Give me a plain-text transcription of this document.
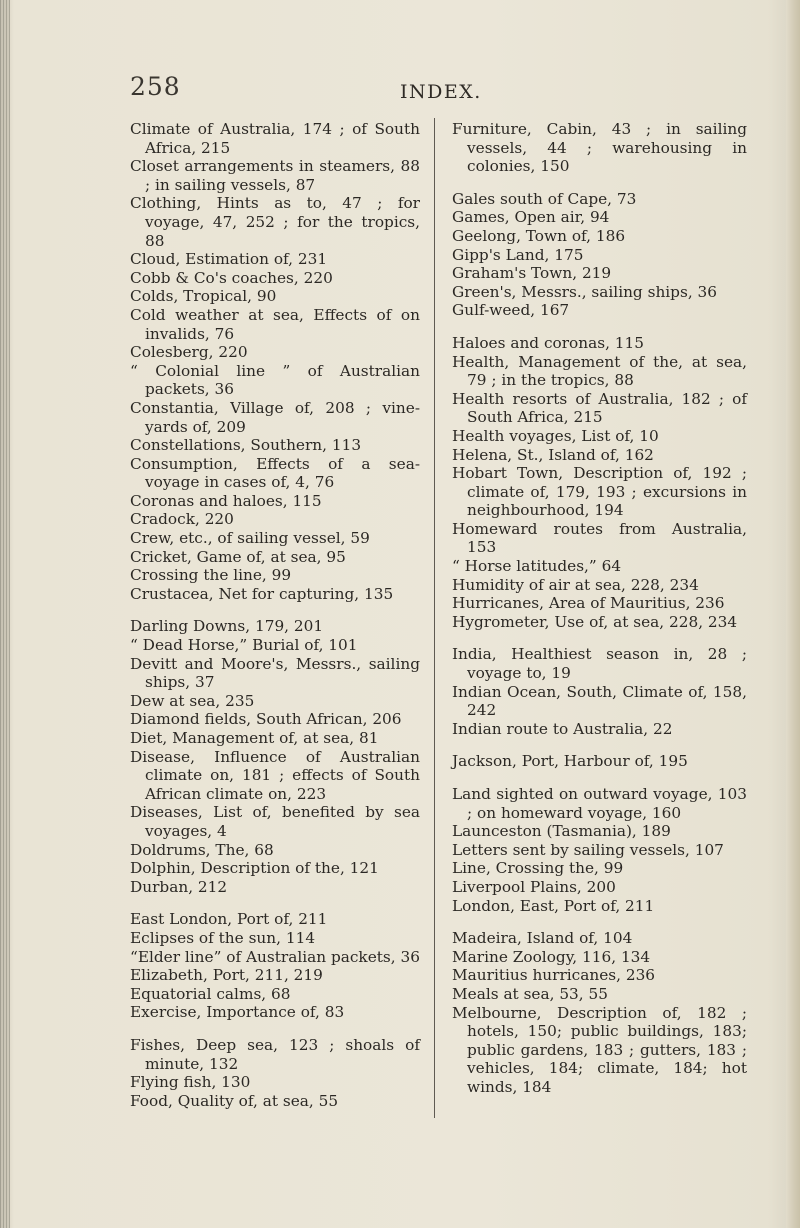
258	INDEX.
Climate of Australia, 174 ; of South Africa, 215
Closet arrangements in steamers, 88 ; in sailing vessels, 87
Clothing, Hints as to, 47 ; for voyage, 47, 252 ; for the tropics, 88
Cloud, Estimation of, 231
Cobb & Co's coaches, 220
Colds, Tropical, 90
Cold weather at sea, Effects of on invalids, 76
Colesberg, 220
“ Colonial line ” of Australian packets, 36
Constantia, Village of, 208 ; vine-yards of, 209
Constellations, Southern, 113
Consumption, Effects of a sea-voyage in cases of, 4, 76
Coronas and haloes, 115
Cradock, 220
Crew, etc., of sailing vessel, 59
Cricket, Game of, at sea, 95
Crossing the line, 99
Crustacea, Net for capturing, 135
Darling Downs, 179, 201
“ Dead Horse,” Burial of, 101
Devitt and Moore's, Messrs., sailing ships, 37
Dew at sea, 235
Diamond fields, South African, 206
Diet, Management of, at sea, 81
Disease, Influence of Australian climate on, 181 ; effects of South African climate on, 223
Diseases, List of, benefited by sea voyages, 4
Doldrums, The, 68
Dolphin, Description of the, 121
Durban, 212
East London, Port of, 211
Eclipses of the sun, 114
“Elder line” of Australian packets, 36
Elizabeth, Port, 211, 219
Equatorial calms, 68
Exercise, Importance of, 83
Fishes, Deep sea, 123 ; shoals of minute, 132
Flying fish, 130
Food, Quality of, at sea, 55
Furniture, Cabin, 43 ; in sailing vessels, 44 ; warehousing in colonies, 150
Gales south of Cape, 73
Games, Open air, 94
Geelong, Town of, 186
Gipp's Land, 175
Graham's Town, 219
Green's, Messrs., sailing ships, 36
Gulf-weed, 167
Haloes and coronas, 115
Health, Management of the, at sea, 79 ; in the tropics, 88
Health resorts of Australia, 182 ; of South Africa, 215
Health voyages, List of, 10
Helena, St., Island of, 162
Hobart Town, Description of, 192 ; climate of, 179, 193 ; excursions in neighbourhood, 194
Homeward routes from Australia, 153
“ Horse latitudes,” 64
Humidity of air at sea, 228, 234
Hurricanes, Area of Mauritius, 236
Hygrometer, Use of, at sea, 228, 234
India, Healthiest season in, 28 ; voyage to, 19
Indian Ocean, South, Climate of, 158, 242
Indian route to Australia, 22
Jackson, Port, Harbour of, 195
Land sighted on outward voyage, 103 ; on homeward voyage, 160
Launceston (Tasmania), 189
Letters sent by sailing vessels, 107
Line, Crossing the, 99
Liverpool Plains, 200
London, East, Port of, 211
Madeira, Island of, 104
Marine Zoology, 116, 134
Mauritius hurricanes, 236
Meals at sea, 53, 55
Melbourne, Description of, 182 ; hotels, 150; public buildings, 183; public gardens, 183 ; gutters, 183 ; vehicles, 184; climate, 184; hot winds, 184
